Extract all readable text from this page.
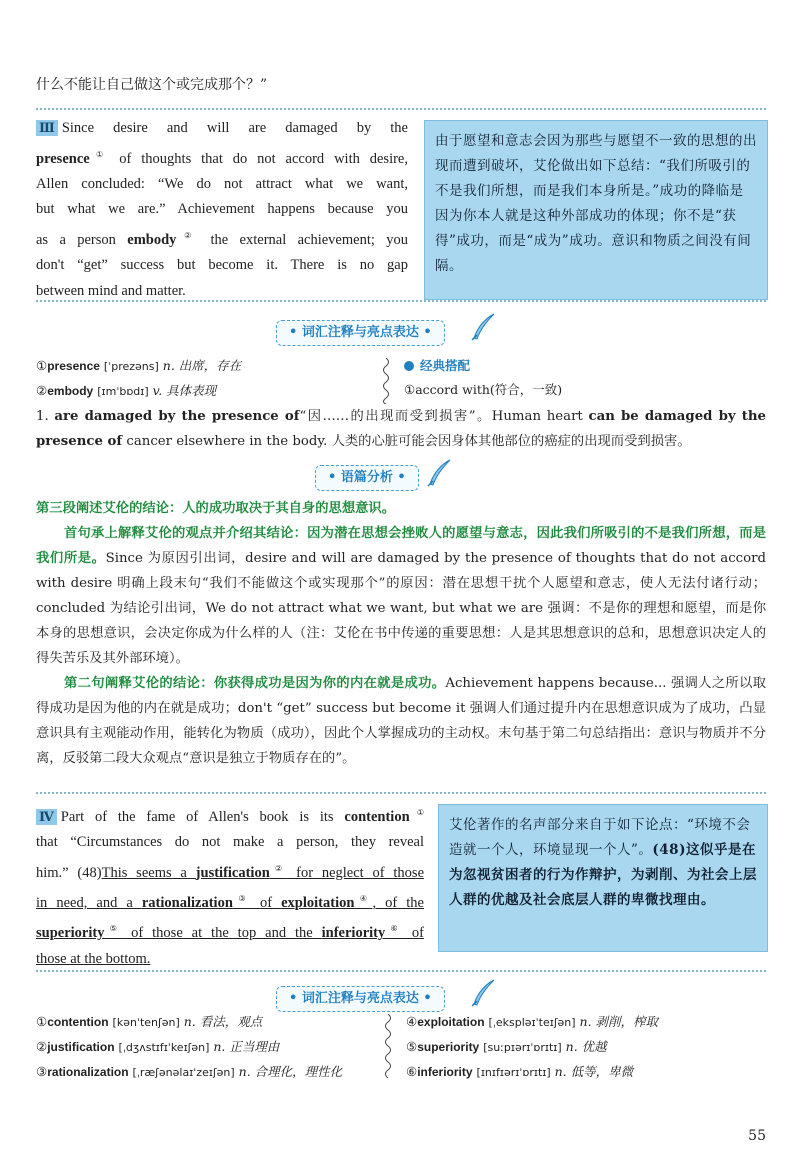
什么不能让自己做这个或完成那个？”
Ⅲ Since desire and will are damaged by the
presence① of thoughts that do not accord with desire,
Allen concluded: “We do not attract what we want,
but what we are.” Achievement happens because you
as a person embody② the external achievement; you
don't “get” success but become it. There is no gap
between mind and matter.
由于愿望和意志会因为那些与愿望不一致的思想的出现而遭到破坏，艾伦做出如下总结：“我们所吸引的不是我们所想，而是我们本身所是。”成功的降临是因为你本人就是这种外部成功的体现；你不是“获得”成功，而是“成为”成功。意识和物质之间没有间隔。
• 词汇注释与亮点表达 •
①presence [ˈprezəns] n. 出席，存在
②embody [ɪmˈbɒdɪ] v. 具体表现
经典搭配
①accord with(符合，一致)
1. are damaged by the presence of“因……的出现而受到损害”。Human heart can be damaged by the presence of cancer elsewhere in the body. 人类的心脏可能会因身体其他部位的癌症的出现而受到损害。
• 语篇分析 •
第三段阐述艾伦的结论：人的成功取决于其自身的思想意识。
首句承上解释艾伦的观点并介绍其结论：因为潜在思想会挫败人的愿望与意志，因此我们所吸引的不是我们所想，而是我们所是。Since 为原因引出词，desire and will are damaged by the presence of thoughts that do not accord with desire 明确上段末句“我们不能做这个或实现那个”的原因：潜在思想干扰个人愿望和意志，使人无法付诸行动；concluded 为结论引出词，We do not attract what we want, but what we are 强调：不是你的理想和愿望，而是你本身的思想意识，会决定你成为什么样的人（注：艾伦在书中传递的重要思想：人是其思想意识的总和，思想意识决定人的得失苦乐及其外部环境）。
第二句阐释艾伦的结论：你获得成功是因为你的内在就是成功。Achievement happens because... 强调人之所以取得成功是因为他的内在就是成功；don't “get” success but become it 强调人们通过提升内在思想意识成为了成功，凸显意识具有主观能动作用，能转化为物质（成功），因此个人掌握成功的主动权。末句基于第二句总结指出：意识与物质并不分离，反驳第二段大众观点“意识是独立于物质存在的”。
Ⅳ Part of the fame of Allen's book is its contention①
that “Circumstances do not make a person, they reveal
him.” (48)This seems a justification② for neglect of those
in need, and a rationalization③ of exploitation④, of the
superiority⑤ of those at the top and the inferiority⑥ of
those at the bottom.
艾伦著作的名声部分来自于如下论点：“环境不会造就一个人，环境显现一个人”。(48)这似乎是在为忽视贫困者的行为作辩护，为剥削、为社会上层人群的优越及社会底层人群的卑微找理由。
• 词汇注释与亮点表达 •
①contention [kənˈtenʃən] n. 看法，观点
②justification [ˌdʒʌstɪfɪˈkeɪʃən] n. 正当理由
③rationalization [ˌræʃənəlaɪˈzeɪʃən] n. 合理化，理性化
④exploitation [ˌekspləɪˈteɪʃən] n. 剥削，榨取
⑤superiority [suːpɪərɪˈɒrɪtɪ] n. 优越
⑥inferiority [ɪnɪfɪərɪˈɒrɪtɪ] n. 低等，卑微
55
